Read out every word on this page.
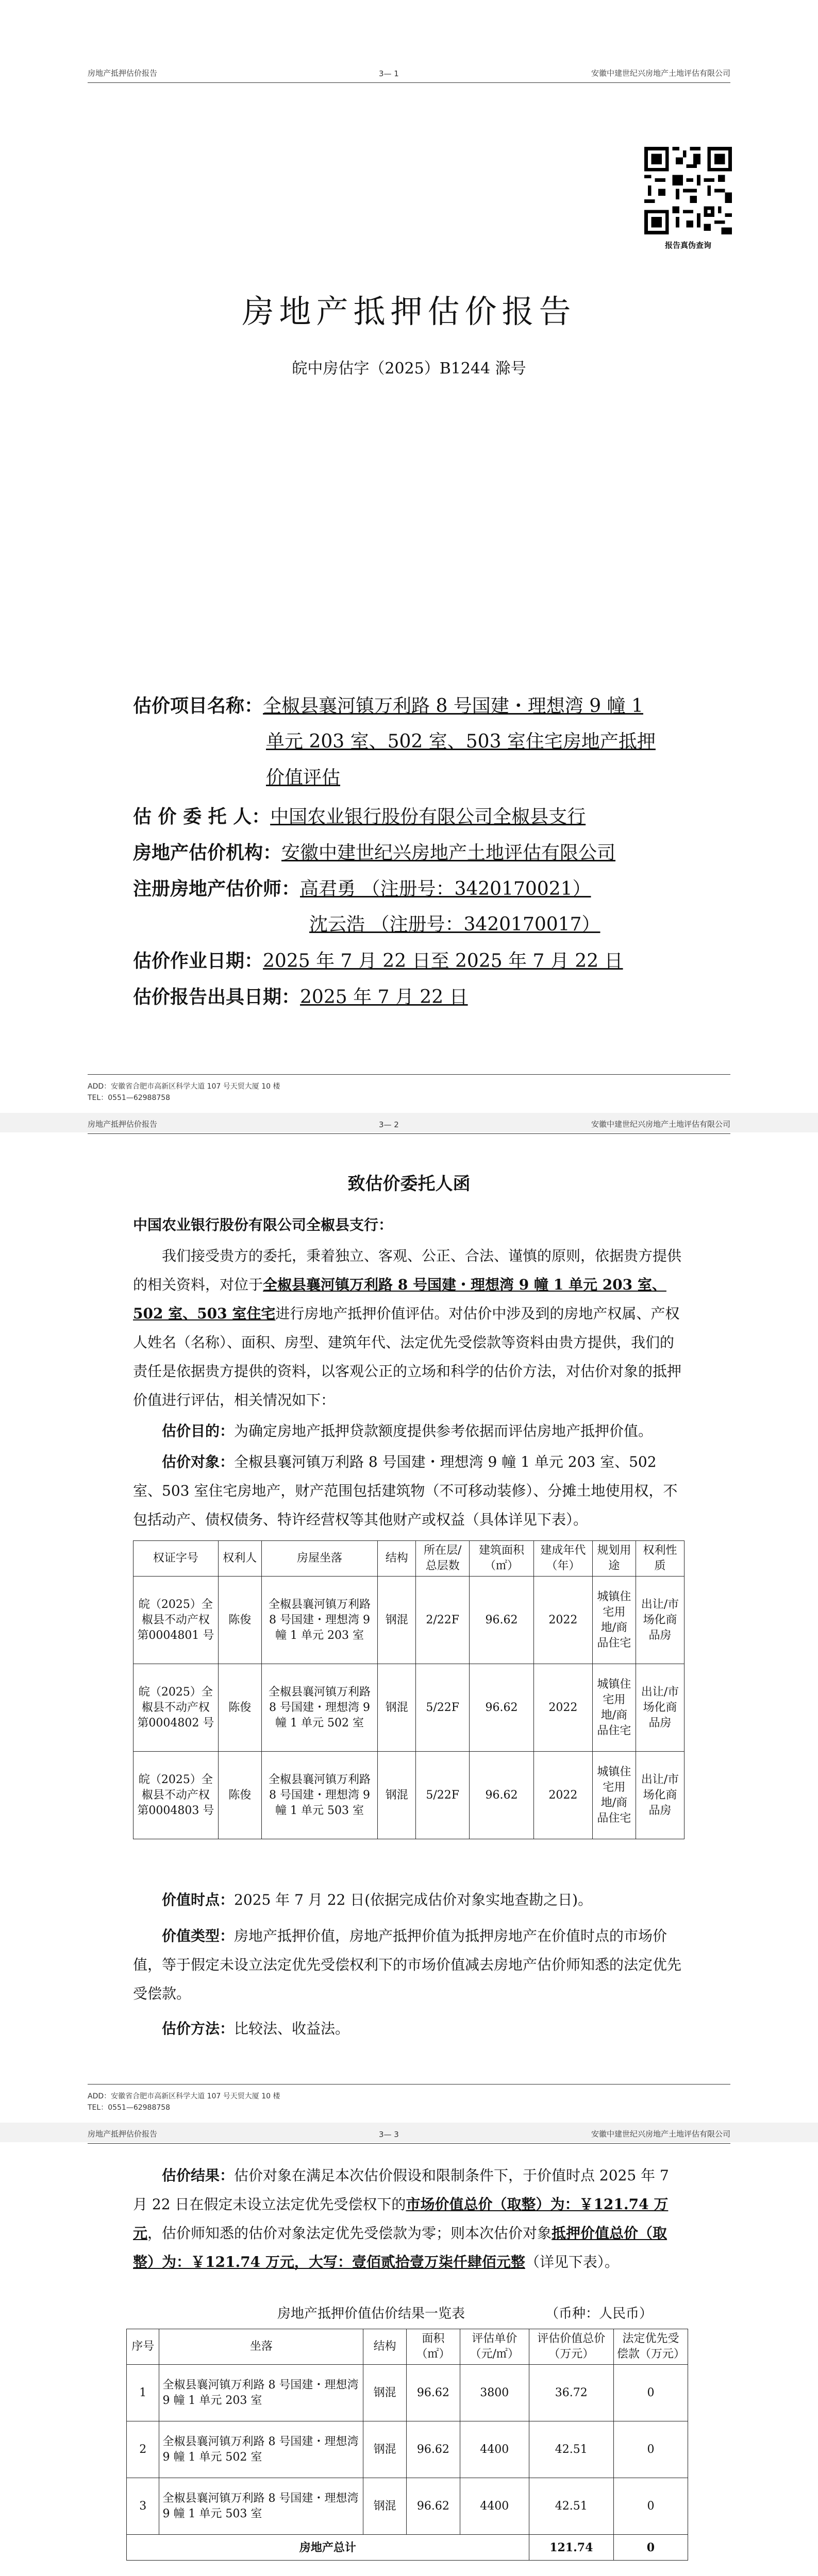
房地产抵押估价报告	3— 1	安徽中建世纪兴房地产土地评估有限公司
报告真伪查询
房地产抵押估价报告
皖中房估字（2025）B1244 滁号
估价项目名称：全椒县襄河镇万利路 8 号国建・理想湾 9 幢 1
单元 203 室、502 室、503 室住宅房地产抵押
价值评估
估 价 委 托 人：中国农业银行股份有限公司全椒县支行
房地产估价机构：安徽中建世纪兴房地产土地评估有限公司
注册房地产估价师：高君勇 （注册号：3420170021）
沈云浩 （注册号：3420170017）
估价作业日期：2025 年 7 月 22 日至 2025 年 7 月 22 日
估价报告出具日期：2025 年 7 月 22 日
ADD：安徽省合肥市高新区科学大道 107 号天贸大厦 10 楼
TEL：0551—62988758
房地产抵押估价报告	3— 2	安徽中建世纪兴房地产土地评估有限公司
致估价委托人函
中国农业银行股份有限公司全椒县支行：
我们接受贵方的委托，秉着独立、客观、公正、合法、谨慎的原则，依据贵方提供的相关资料，对位于全椒县襄河镇万利路 8 号国建・理想湾 9 幢 1 单元 203 室、502 室、503 室住宅进行房地产抵押价值评估。对估价中涉及到的房地产权属、产权人姓名（名称）、面积、房型、建筑年代、法定优先受偿款等资料由贵方提供，我们的责任是依据贵方提供的资料，以客观公正的立场和科学的估价方法，对估价对象的抵押价值进行评估，相关情况如下：
估价目的：为确定房地产抵押贷款额度提供参考依据而评估房地产抵押价值。
估价对象：全椒县襄河镇万利路 8 号国建・理想湾 9 幢 1 单元 203 室、502 室、503 室住宅房地产，财产范围包括建筑物（不可移动装修）、分摊土地使用权，不包括动产、债权债务、特许经营权等其他财产或权益（具体详见下表）。
权证字号	权利人	房屋坐落	结构	所在层/总层数	建筑面积（㎡）	建成年代（年）	规划用途	权利性质
皖（2025）全椒县不动产权第0004801 号	陈俊	全椒县襄河镇万利路 8 号国建・理想湾 9 幢 1 单元 203 室	钢混	2/22F	96.62	2022	城镇住宅用地/商品住宅	出让/市场化商品房
皖（2025）全椒县不动产权第0004802 号	陈俊	全椒县襄河镇万利路 8 号国建・理想湾 9 幢 1 单元 502 室	钢混	5/22F	96.62	2022	城镇住宅用地/商品住宅	出让/市场化商品房
皖（2025）全椒县不动产权第0004803 号	陈俊	全椒县襄河镇万利路 8 号国建・理想湾 9 幢 1 单元 503 室	钢混	5/22F	96.62	2022	城镇住宅用地/商品住宅	出让/市场化商品房
价值时点：2025 年 7 月 22 日(依据完成估价对象实地查勘之日)。
价值类型：房地产抵押价值，房地产抵押价值为抵押房地产在价值时点的市场价值，等于假定未设立法定优先受偿权利下的市场价值减去房地产估价师知悉的法定优先受偿款。
估价方法：比较法、收益法。
ADD：安徽省合肥市高新区科学大道 107 号天贸大厦 10 楼
TEL：0551—62988758
房地产抵押估价报告	3— 3	安徽中建世纪兴房地产土地评估有限公司
估价结果：估价对象在满足本次估价假设和限制条件下，于价值时点 2025 年 7 月 22 日在假定未设立法定优先受偿权下的市场价值总价（取整）为：￥121.74 万元，估价师知悉的估价对象法定优先受偿款为零；则本次估价对象抵押价值总价（取整）为：￥121.74 万元，大写：壹佰贰拾壹万柒仟肆佰元整（详见下表）。
房地产抵押价值估价结果一览表	（币种：人民币）
序号	坐落	结构	面积（㎡）	评估单价（元/㎡）	评估价值总价（万元）	法定优先受偿款（万元）
1	全椒县襄河镇万利路 8 号国建・理想湾 9 幢 1 单元 203 室	钢混	96.62	3800	36.72	0
2	全椒县襄河镇万利路 8 号国建・理想湾 9 幢 1 单元 502 室	钢混	96.62	4400	42.51	0
3	全椒县襄河镇万利路 8 号国建・理想湾 9 幢 1 单元 503 室	钢混	96.62	4400	42.51	0
房地产总计					121.74	0
